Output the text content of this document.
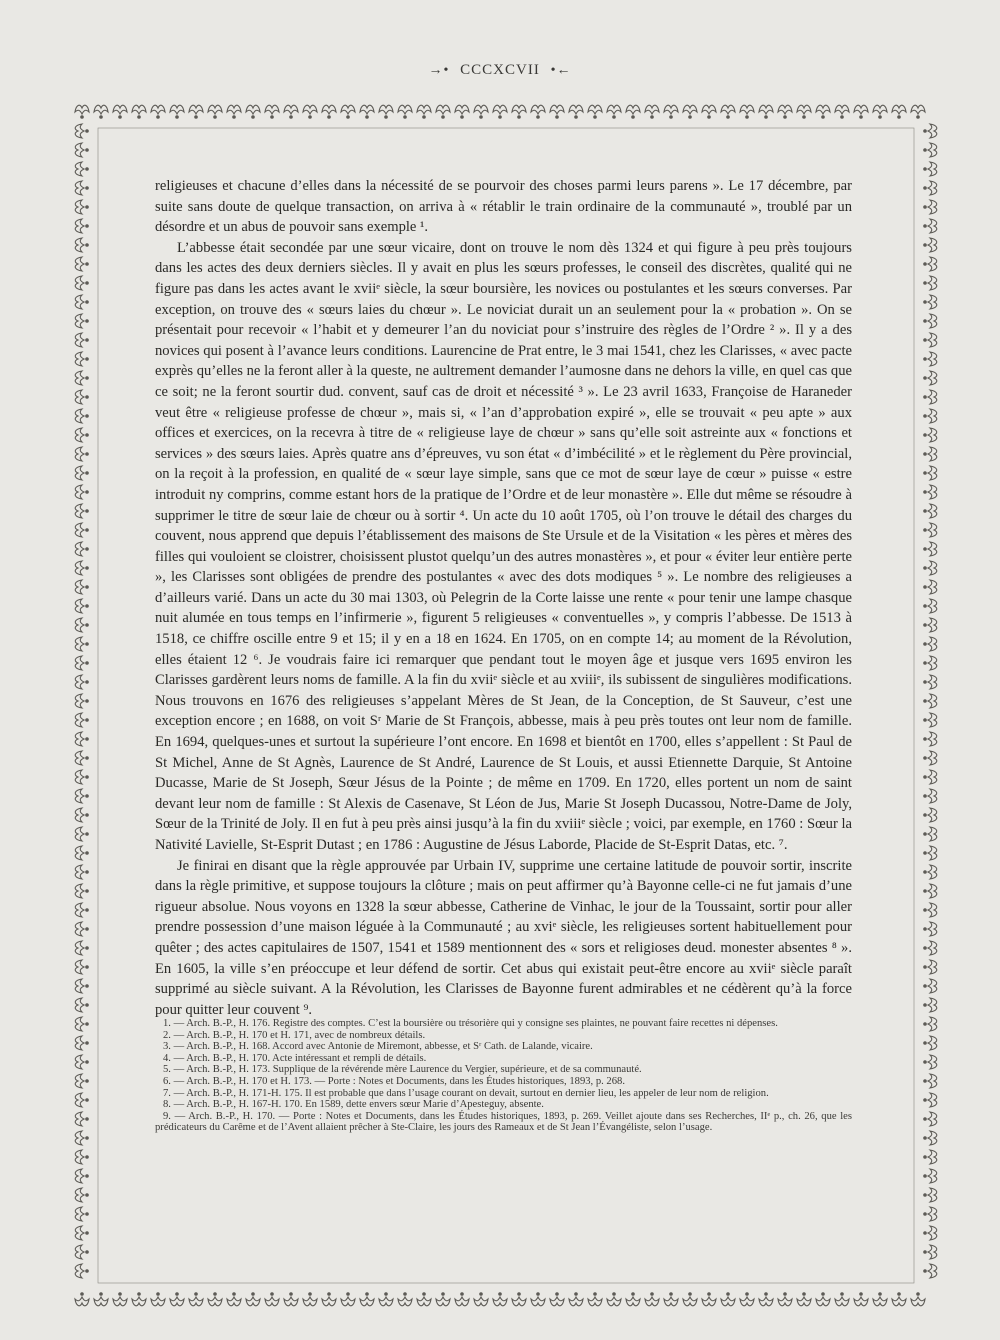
→• CCCXCVII •←

religieuses et chacune d’elles dans la nécessité de se pourvoir des choses parmi leurs parens ». Le 17 décembre, par suite sans doute de quelque transaction, on arriva à « rétablir le train ordinaire de la communauté », troublé par un désordre et un abus de pouvoir sans exemple ¹.

L’abbesse était secondée par une sœur vicaire, dont on trouve le nom dès 1324 et qui figure à peu près toujours dans les actes des deux derniers siècles. Il y avait en plus les sœurs professes, le conseil des discrètes, qualité qui ne figure pas dans les actes avant le xviiᵉ siècle, la sœur boursière, les novices ou postulantes et les sœurs converses. Par exception, on trouve des « sœurs laies du chœur ». Le noviciat durait un an seulement pour la « probation ». On se présentait pour recevoir « l’habit et y demeurer l’an du noviciat pour s’instruire des règles de l’Ordre ² ». Il y a des novices qui posent à l’avance leurs conditions. Laurencine de Prat entre, le 3 mai 1541, chez les Clarisses, « avec pacte exprès qu’elles ne la feront aller à la queste, ne aultrement demander l’aumosne dans ne dehors la ville, en quel cas que ce soit; ne la feront sourtir dud. convent, sauf cas de droit et nécessité ³ ». Le 23 avril 1633, Françoise de Haraneder veut être « religieuse professe de chœur », mais si, « l’an d’approbation expiré », elle se trouvait « peu apte » aux offices et exercices, on la recevra à titre de « religieuse laye de chœur » sans qu’elle soit astreinte aux « fonctions et services » des sœurs laies. Après quatre ans d’épreuves, vu son état « d’imbécilité » et le règlement du Père provincial, on la reçoit à la profession, en qualité de « sœur laye simple, sans que ce mot de sœur laye de cœur » puisse « estre introduit ny comprins, comme estant hors de la pratique de l’Ordre et de leur monastère ». Elle dut même se résoudre à supprimer le titre de sœur laie de chœur ou à sortir ⁴. Un acte du 10 août 1705, où l’on trouve le détail des charges du couvent, nous apprend que depuis l’établissement des maisons de Ste Ursule et de la Visitation « les pères et mères des filles qui vouloient se cloistrer, choisissent plustot quelqu’un des autres monastères », et pour « éviter leur entière perte », les Clarisses sont obligées de prendre des postulantes « avec des dots modiques ⁵ ». Le nombre des religieuses a d’ailleurs varié. Dans un acte du 30 mai 1303, où Pelegrin de la Corte laisse une rente « pour tenir une lampe chasque nuit alumée en tous temps en l’infirmerie », figurent 5 religieuses « conventuelles », y compris l’abbesse. De 1513 à 1518, ce chiffre oscille entre 9 et 15; il y en a 18 en 1624. En 1705, on en compte 14; au moment de la Révolution, elles étaient 12 ⁶. Je voudrais faire ici remarquer que pendant tout le moyen âge et jusque vers 1695 environ les Clarisses gardèrent leurs noms de famille. A la fin du xviiᵉ siècle et au xviiiᵉ, ils subissent de singulières modifications. Nous trouvons en 1676 des religieuses s’appelant Mères de St Jean, de la Conception, de St Sauveur, c’est une exception encore ; en 1688, on voit Sʳ Marie de St François, abbesse, mais à peu près toutes ont leur nom de famille. En 1694, quelques-unes et surtout la supérieure l’ont encore. En 1698 et bientôt en 1700, elles s’appellent : St Paul de St Michel, Anne de St Agnès, Laurence de St André, Laurence de St Louis, et aussi Etiennette Darquie, St Antoine Ducasse, Marie de St Joseph, Sœur Jésus de la Pointe ; de même en 1709. En 1720, elles portent un nom de saint devant leur nom de famille : St Alexis de Casenave, St Léon de Jus, Marie St Joseph Ducassou, Notre-Dame de Joly, Sœur de la Trinité de Joly. Il en fut à peu près ainsi jusqu’à la fin du xviiiᵉ siècle ; voici, par exemple, en 1760 : Sœur la Nativité Lavielle, St-Esprit Dutast ; en 1786 : Augustine de Jésus Laborde, Placide de St-Esprit Datas, etc. ⁷.

Je finirai en disant que la règle approuvée par Urbain IV, supprime une certaine latitude de pouvoir sortir, inscrite dans la règle primitive, et suppose toujours la clôture ; mais on peut affirmer qu’à Bayonne celle-ci ne fut jamais d’une rigueur absolue. Nous voyons en 1328 la sœur abbesse, Catherine de Vinhac, le jour de la Toussaint, sortir pour aller prendre possession d’une maison léguée à la Communauté ; au xviᵉ siècle, les religieuses sortent habituellement pour quêter ; des actes capitulaires de 1507, 1541 et 1589 mentionnent des « sors et religioses deud. monester absentes ⁸ ». En 1605, la ville s’en préoccupe et leur défend de sortir. Cet abus qui existait peut-être encore au xviiᵉ siècle paraît supprimé au siècle suivant. A la Révolution, les Clarisses de Bayonne furent admirables et ne cédèrent qu’à la force pour quitter leur couvent ⁹.

1. — Arch. B.-P., H. 176. Registre des comptes. C’est la boursière ou trésorière qui y consigne ses plaintes, ne pouvant faire recettes ni dépenses.

2. — Arch. B.-P., H. 170 et H. 171, avec de nombreux détails.

3. — Arch. B.-P., H. 168. Accord avec Antonie de Miremont, abbesse, et Sʳ Cath. de Lalande, vicaire.

4. — Arch. B.-P., H. 170. Acte intéressant et rempli de détails.

5. — Arch. B.-P., H. 173. Supplique de la révérende mère Laurence du Vergier, supérieure, et de sa communauté.

6. — Arch. B.-P., H. 170 et H. 173. — Porte : Notes et Documents, dans les Études historiques, 1893, p. 268.

7. — Arch. B.-P., H. 171-H. 175. Il est probable que dans l’usage courant on devait, surtout en dernier lieu, les appeler de leur nom de religion.

8. — Arch. B.-P., H. 167-H. 170. En 1589, dette envers sœur Marie d’Apesteguy, absente.

9. — Arch. B.-P., H. 170. — Porte : Notes et Documents, dans les Études historiques, 1893, p. 269. Veillet ajoute dans ses Recherches, IIᵉ p., ch. 26, que les prédicateurs du Carême et de l’Avent allaient prêcher à Ste-Claire, les jours des Rameaux et de St Jean l’Évangéliste, selon l’usage.
